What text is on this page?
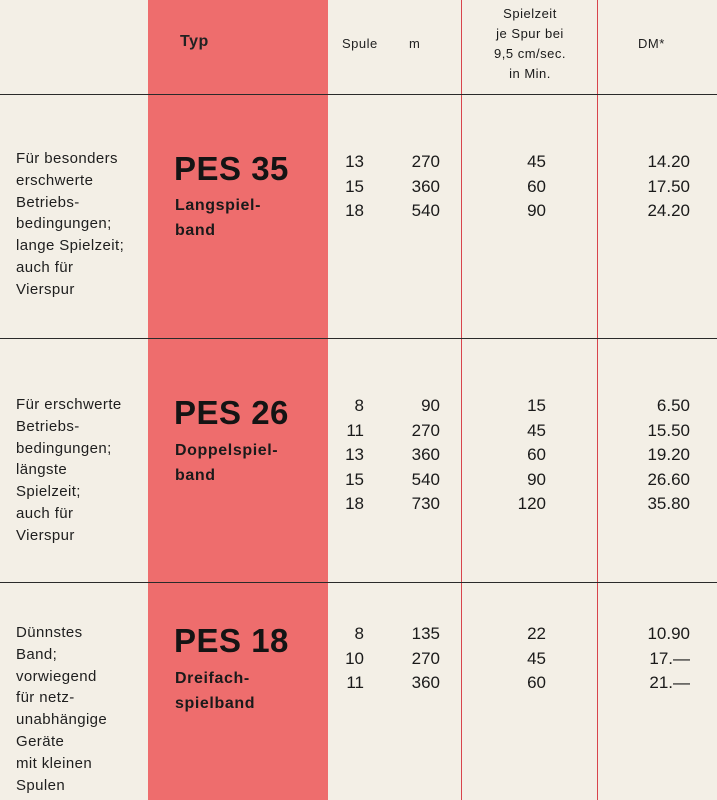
Typ	Spule m
Spielzeit
je Spur bei
9,5 cm/sec.
in Min.
DM*
Für besonders
erschwerte
Betriebs-
bedingungen;
lange Spielzeit;
auch für
Vierspur
PES 35
Langspiel-
band
13
15
18
270
360
540
45
60
90
14.20
17.50
24.20
Für erschwerte
Betriebs-
bedingungen;
längste
Spielzeit;
auch für
Vierspur
PES 26
Doppelspiel-
band
8
11
13
15
18
90
270
360
540
730
15
45
60
90
120
6.50
15.50
19.20
26.60
35.80
Dünnstes
Band;
vorwiegend
für netz-
unabhängige
Geräte
mit kleinen
Spulen
PES 18
Dreifach-
spielband
8
10
11
135
270
360
22
45
60
10.90
17.—
21.—
